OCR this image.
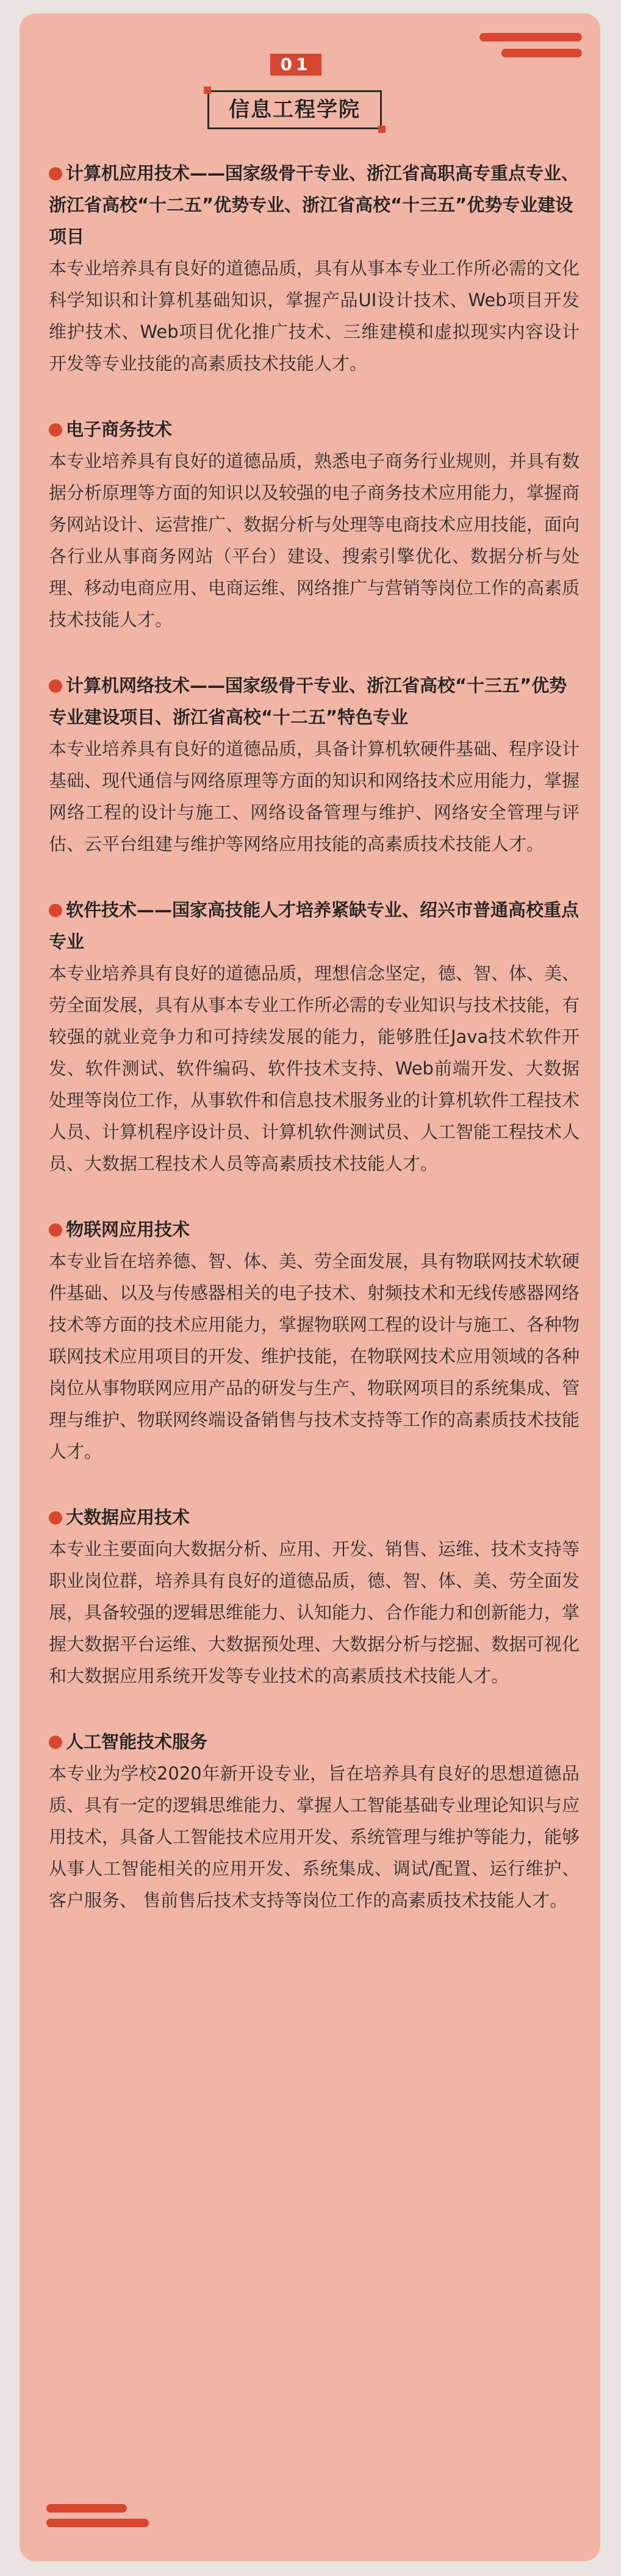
01
信息工程学院

计算机应用技术——国家级骨干专业、浙江省高职高专重点专业、浙江省高校“十二五”优势专业、浙江省高校“十三五”优势专业建设项目

本专业培养具有良好的道德品质，具有从事本专业工作所必需的文化科学知识和计算机基础知识，掌握产品UI设计技术、Web项目开发维护技术、Web项目优化推广技术、三维建模和虚拟现实内容设计开发等专业技能的高素质技术技能人才。

电子商务技术

本专业培养具有良好的道德品质，熟悉电子商务行业规则，并具有数据分析原理等方面的知识以及较强的电子商务技术应用能力，掌握商务网站设计、运营推广、数据分析与处理等电商技术应用技能，面向各行业从事商务网站（平台）建设、搜索引擎优化、数据分析与处理、移动电商应用、电商运维、网络推广与营销等岗位工作的高素质技术技能人才。

计算机网络技术——国家级骨干专业、浙江省高校“十三五”优势专业建设项目、浙江省高校“十二五”特色专业

本专业培养具有良好的道德品质，具备计算机软硬件基础、程序设计基础、现代通信与网络原理等方面的知识和网络技术应用能力，掌握网络工程的设计与施工、网络设备管理与维护、网络安全管理与评估、云平台组建与维护等网络应用技能的高素质技术技能人才。

软件技术——国家高技能人才培养紧缺专业、绍兴市普通高校重点专业

本专业培养具有良好的道德品质，理想信念坚定，德、智、体、美、劳全面发展，具有从事本专业工作所必需的专业知识与技术技能，有较强的就业竞争力和可持续发展的能力，能够胜任Java技术软件开发、软件测试、软件编码、软件技术支持、Web前端开发、大数据处理等岗位工作，从事软件和信息技术服务业的计算机软件工程技术人员、计算机程序设计员、计算机软件测试员、人工智能工程技术人员、大数据工程技术人员等高素质技术技能人才。

物联网应用技术

本专业旨在培养德、智、体、美、劳全面发展，具有物联网技术软硬件基础、以及与传感器相关的电子技术、射频技术和无线传感器网络技术等方面的技术应用能力，掌握物联网工程的设计与施工、各种物联网技术应用项目的开发、维护技能，在物联网技术应用领域的各种岗位从事物联网应用产品的研发与生产、物联网项目的系统集成、管理与维护、物联网终端设备销售与技术支持等工作的高素质技术技能人才。

大数据应用技术

本专业主要面向大数据分析、应用、开发、销售、运维、技术支持等职业岗位群，培养具有良好的道德品质，德、智、体、美、劳全面发展，具备较强的逻辑思维能力、认知能力、合作能力和创新能力，掌握大数据平台运维、大数据预处理、大数据分析与挖掘、数据可视化和大数据应用系统开发等专业技术的高素质技术技能人才。

人工智能技术服务

本专业为学校2020年新开设专业，旨在培养具有良好的思想道德品质、具有一定的逻辑思维能力、掌握人工智能基础专业理论知识与应用技术，具备人工智能技术应用开发、系统管理与维护等能力，能够从事人工智能相关的应用开发、系统集成、调试/配置、运行维护、客户服务、 售前售后技术支持等岗位工作的高素质技术技能人才。
